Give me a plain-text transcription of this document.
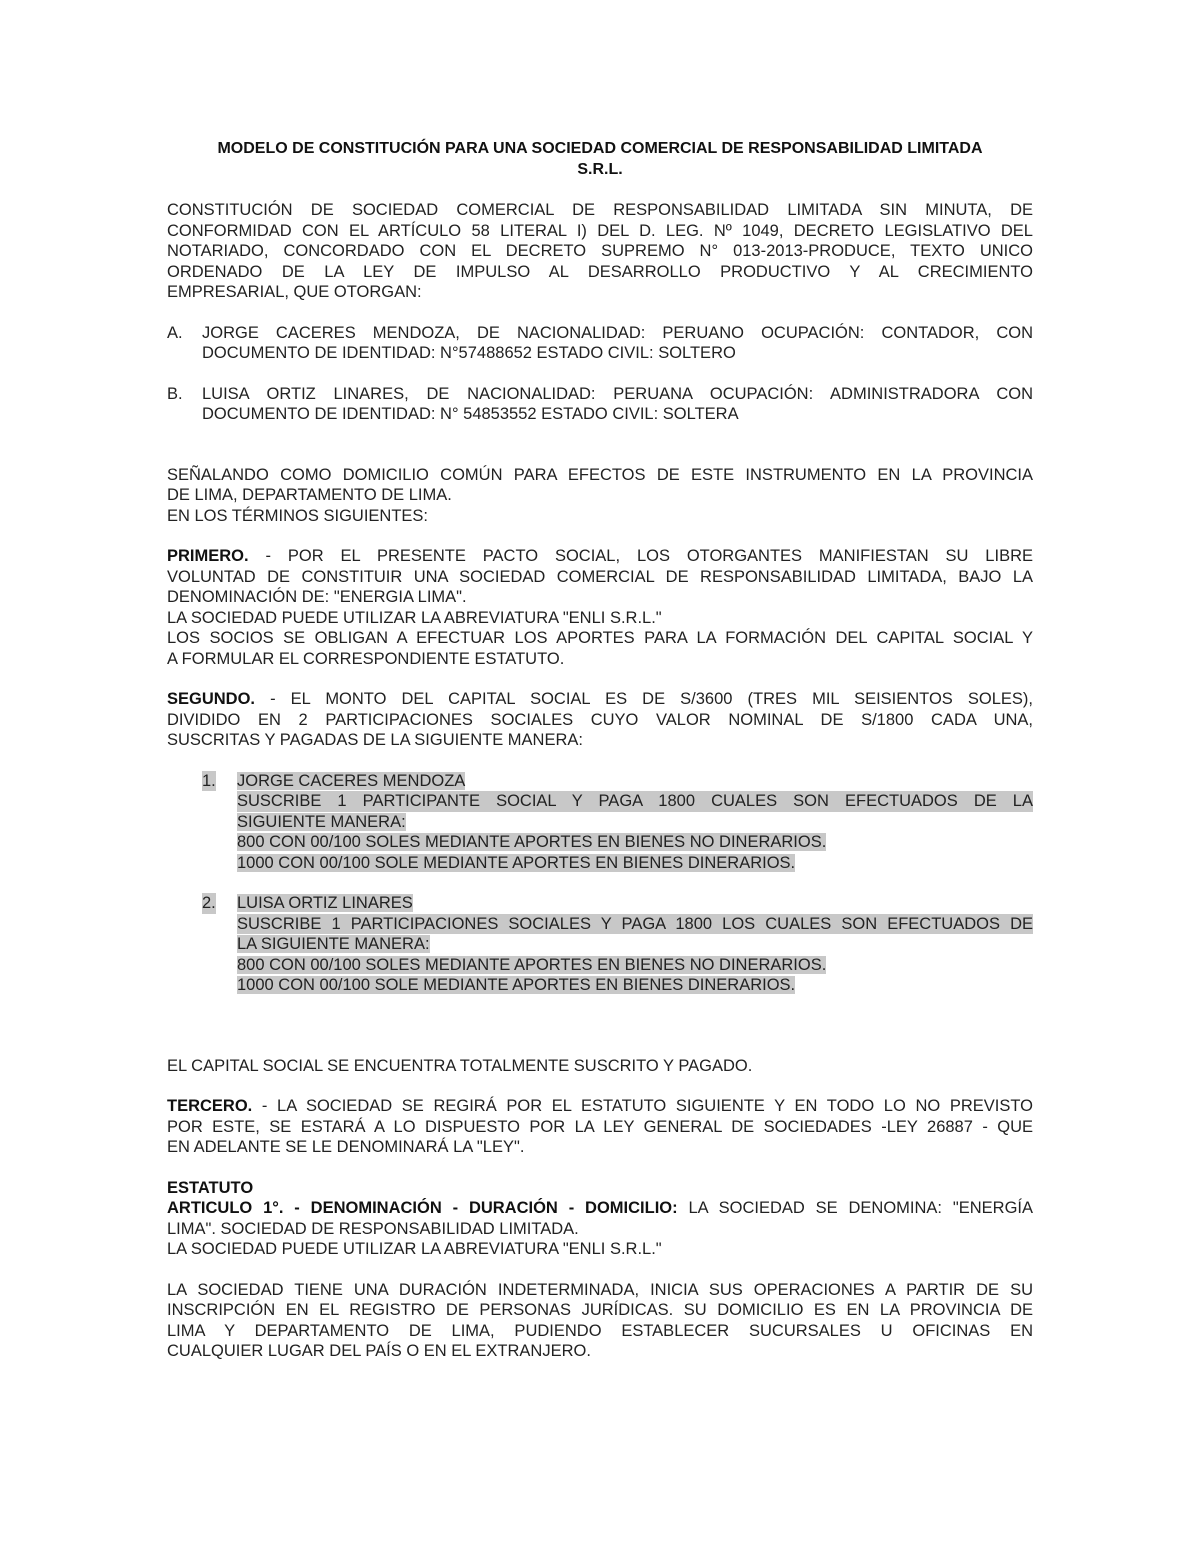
MODELO DE CONSTITUCIÓN PARA UNA SOCIEDAD COMERCIAL DE RESPONSABILIDAD LIMITADA
S.R.L.
CONSTITUCIÓN DE SOCIEDAD COMERCIAL DE RESPONSABILIDAD LIMITADA SIN MINUTA, DE
CONFORMIDAD CON EL ARTÍCULO 58 LITERAL I) DEL D. LEG. Nº 1049, DECRETO LEGISLATIVO DEL
NOTARIADO, CONCORDADO CON EL DECRETO SUPREMO N° 013-2013-PRODUCE, TEXTO UNICO
ORDENADO DE LA LEY DE IMPULSO AL DESARROLLO PRODUCTIVO Y AL CRECIMIENTO
EMPRESARIAL, QUE OTORGAN:
A. JORGE CACERES MENDOZA, DE NACIONALIDAD: PERUANO OCUPACIÓN: CONTADOR, CON
DOCUMENTO DE IDENTIDAD: N°57488652 ESTADO CIVIL: SOLTERO
B. LUISA ORTIZ LINARES, DE NACIONALIDAD: PERUANA OCUPACIÓN: ADMINISTRADORA CON
DOCUMENTO DE IDENTIDAD: N° 54853552 ESTADO CIVIL: SOLTERA
SEÑALANDO COMO DOMICILIO COMÚN PARA EFECTOS DE ESTE INSTRUMENTO EN LA PROVINCIA
DE LIMA, DEPARTAMENTO DE LIMA.
EN LOS TÉRMINOS SIGUIENTES:
PRIMERO. - POR EL PRESENTE PACTO SOCIAL, LOS OTORGANTES MANIFIESTAN SU LIBRE
VOLUNTAD DE CONSTITUIR UNA SOCIEDAD COMERCIAL DE RESPONSABILIDAD LIMITADA, BAJO LA
DENOMINACIÓN DE: "ENERGIA LIMA".
LA SOCIEDAD PUEDE UTILIZAR LA ABREVIATURA "ENLI S.R.L."
LOS SOCIOS SE OBLIGAN A EFECTUAR LOS APORTES PARA LA FORMACIÓN DEL CAPITAL SOCIAL Y
A FORMULAR EL CORRESPONDIENTE ESTATUTO.
SEGUNDO. - EL MONTO DEL CAPITAL SOCIAL ES DE S/3600 (TRES MIL SEISIENTOS SOLES),
DIVIDIDO EN 2 PARTICIPACIONES SOCIALES CUYO VALOR NOMINAL DE S/1800 CADA UNA,
SUSCRITAS Y PAGADAS DE LA SIGUIENTE MANERA:
1. JORGE CACERES MENDOZA
SUSCRIBE 1 PARTICIPANTE SOCIAL Y PAGA 1800 CUALES SON EFECTUADOS DE LA
SIGUIENTE MANERA:
800 CON 00/100 SOLES MEDIANTE APORTES EN BIENES NO DINERARIOS.
1000 CON 00/100 SOLE MEDIANTE APORTES EN BIENES DINERARIOS.
2. LUISA ORTIZ LINARES
SUSCRIBE 1 PARTICIPACIONES SOCIALES Y PAGA 1800 LOS CUALES SON EFECTUADOS DE
LA SIGUIENTE MANERA:
800 CON 00/100 SOLES MEDIANTE APORTES EN BIENES NO DINERARIOS.
1000 CON 00/100 SOLE MEDIANTE APORTES EN BIENES DINERARIOS.
EL CAPITAL SOCIAL SE ENCUENTRA TOTALMENTE SUSCRITO Y PAGADO.
TERCERO. - LA SOCIEDAD SE REGIRÁ POR EL ESTATUTO SIGUIENTE Y EN TODO LO NO PREVISTO
POR ESTE, SE ESTARÁ A LO DISPUESTO POR LA LEY GENERAL DE SOCIEDADES -LEY 26887 - QUE
EN ADELANTE SE LE DENOMINARÁ LA "LEY".
ESTATUTO
ARTICULO 1°. - DENOMINACIÓN - DURACIÓN - DOMICILIO: LA SOCIEDAD SE DENOMINA: "ENERGÍA
LIMA". SOCIEDAD DE RESPONSABILIDAD LIMITADA.
LA SOCIEDAD PUEDE UTILIZAR LA ABREVIATURA "ENLI S.R.L."
LA SOCIEDAD TIENE UNA DURACIÓN INDETERMINADA, INICIA SUS OPERACIONES A PARTIR DE SU
INSCRIPCIÓN EN EL REGISTRO DE PERSONAS JURÍDICAS. SU DOMICILIO ES EN LA PROVINCIA DE
LIMA Y DEPARTAMENTO DE LIMA, PUDIENDO ESTABLECER SUCURSALES U OFICINAS EN
CUALQUIER LUGAR DEL PAÍS O EN EL EXTRANJERO.
